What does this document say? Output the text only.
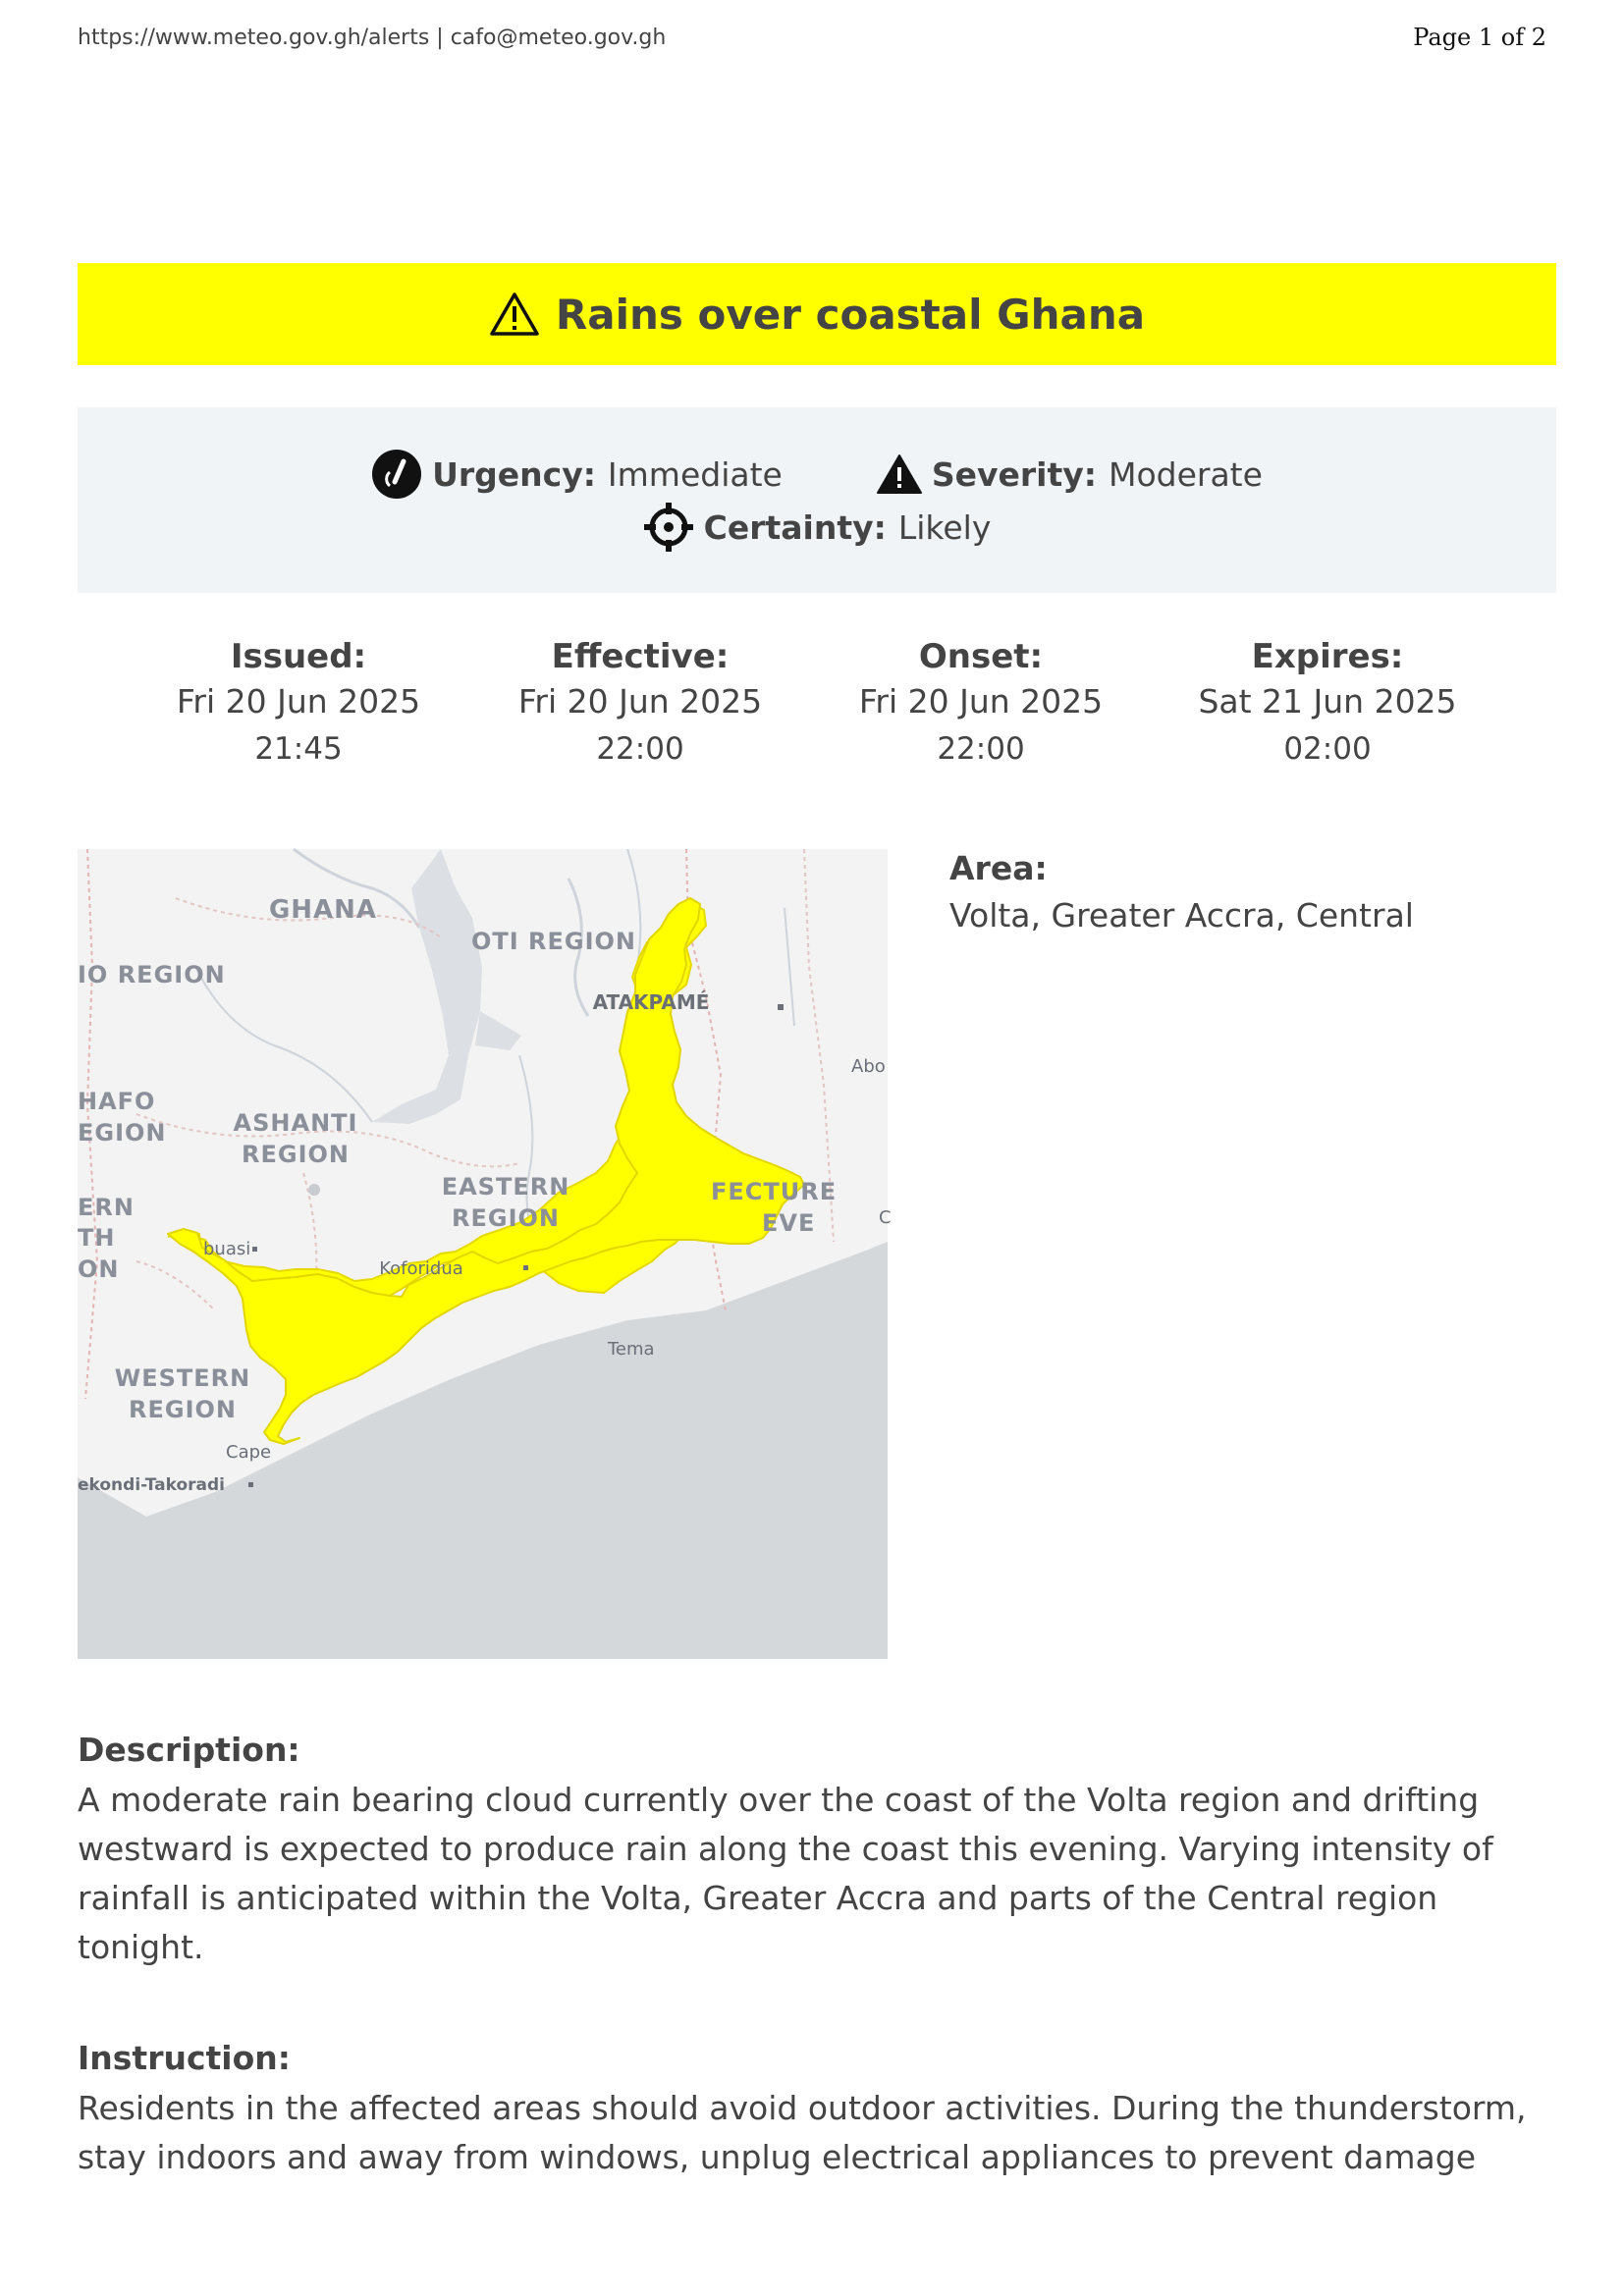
https://www.meteo.gov.gh/alerts | cafo@meteo.gov.gh	Page 1 of 2
Rains over coastal Ghana
Urgency: Immediate	Severity: Moderate
Certainty: Likely
Issued:
Fri 20 Jun 2025
21:45
Effective:
Fri 20 Jun 2025
22:00
Onset:
Fri 20 Jun 2025
22:00
Expires:
Sat 21 Jun 2025
02:00
GHANA
OTI REGION
IO REGION
ATAKPAMÉ
Abo
HAFO
EGION	ASHANTI
REGION
EASTERN
REGION
FECTURE
EVE
ERN
TH
ON
buasi
Koforidua
Tema
WESTERN
REGION
Cape
ekondi-Takoradi
C
Area:
Volta, Greater Accra, Central
Description:
A moderate rain bearing cloud currently over the coast of the Volta region and drifting
westward is expected to produce rain along the coast this evening. Varying intensity of
rainfall is anticipated within the Volta, Greater Accra and parts of the Central region
tonight.
Instruction:
Residents in the affected areas should avoid outdoor activities. During the thunderstorm,
stay indoors and away from windows, unplug electrical appliances to prevent damage
